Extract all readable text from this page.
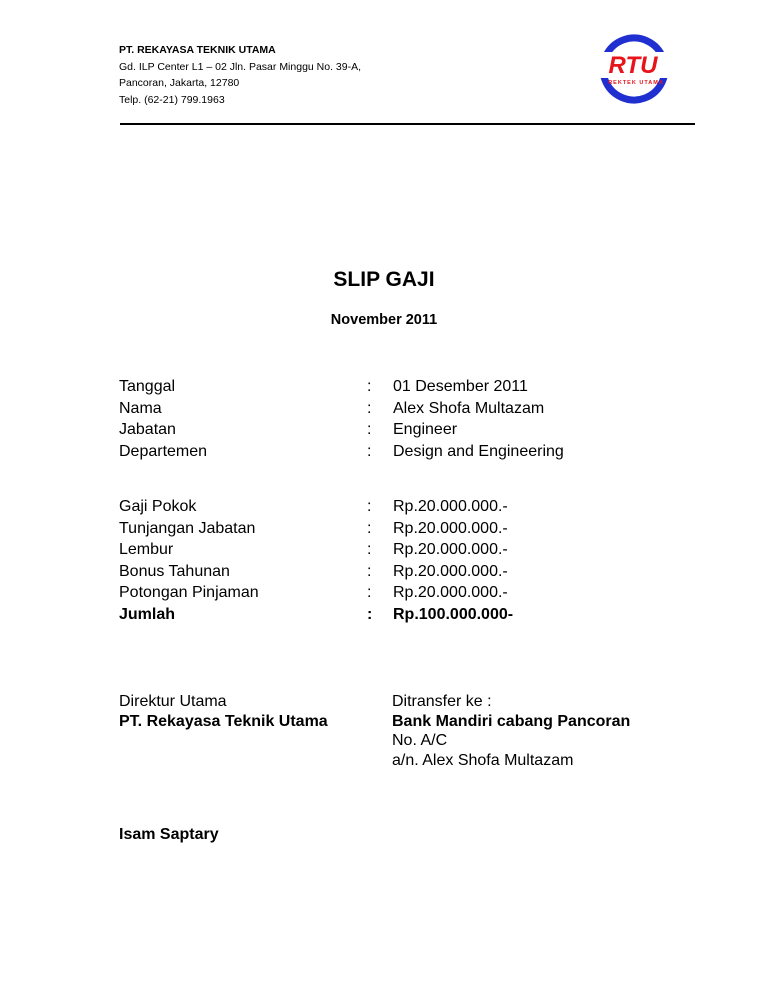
PT. REKAYASA TEKNIK UTAMA
Gd. ILP Center L1 – 02 Jln. Pasar Minggu No. 39-A,
Pancoran, Jakarta, 12780
Telp. (62-21) 799.1963
RTU
REKTEK UTAMA
SLIP GAJI
November 2011
Tanggal	: 01 Desember 2011
Nama	: Alex Shofa Multazam
Jabatan	: Engineer
Departemen	: Design and Engineering
Gaji Pokok	: Rp.20.000.000.-
Tunjangan Jabatan	: Rp.20.000.000.-
Lembur	: Rp.20.000.000.-
Bonus Tahunan	: Rp.20.000.000.-
Potongan Pinjaman	: Rp.20.000.000.-
Jumlah	: Rp.100.000.000-
Direktur Utama
PT. Rekayasa Teknik Utama
Ditransfer ke :
Bank Mandiri cabang Pancoran
No. A/C
a/n. Alex Shofa Multazam
Isam Saptary
